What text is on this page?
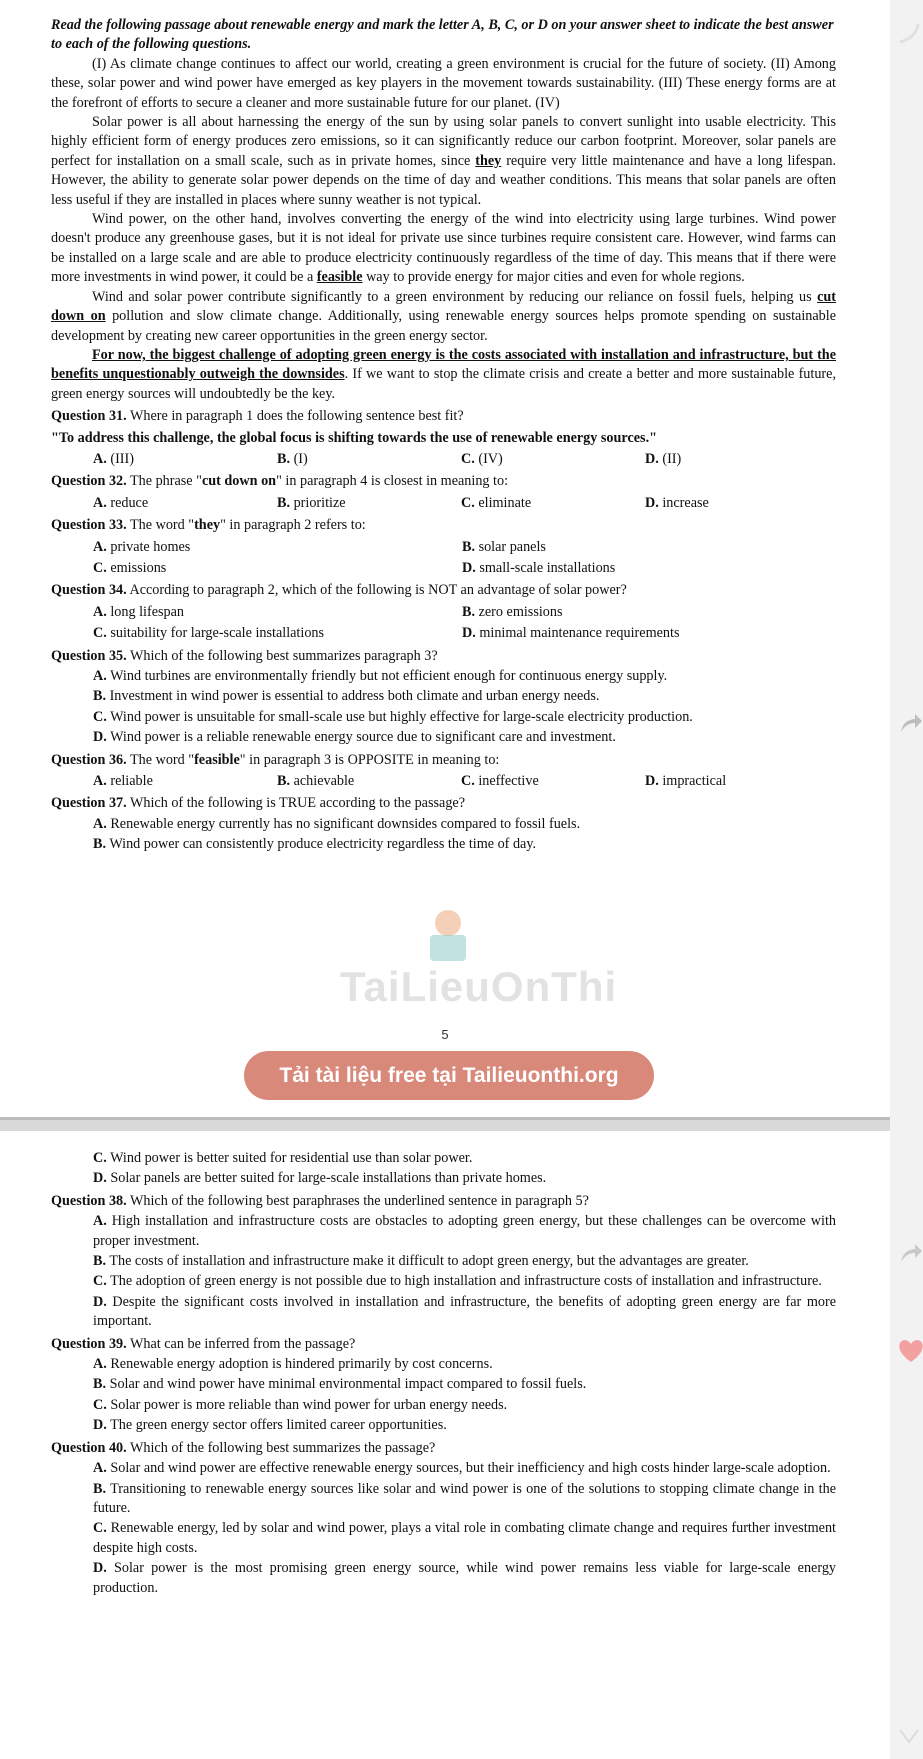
Read the following passage about renewable energy and mark the letter A, B, C, or D on your answer sheet to indicate the best answer to each of the following questions.

(I) As climate change continues to affect our world, creating a green environment is crucial for the future of society. (II) Among these, solar power and wind power have emerged as key players in the movement towards sustainability. (III) These energy forms are at the forefront of efforts to secure a cleaner and more sustainable future for our planet. (IV)

Solar power is all about harnessing the energy of the sun by using solar panels to convert sunlight into usable electricity. This highly efficient form of energy produces zero emissions, so it can significantly reduce our carbon footprint. Moreover, solar panels are perfect for installation on a small scale, such as in private homes, since they require very little maintenance and have a long lifespan. However, the ability to generate solar power depends on the time of day and weather conditions. This means that solar panels are often less useful if they are installed in places where sunny weather is not typical.

Wind power, on the other hand, involves converting the energy of the wind into electricity using large turbines. Wind power doesn't produce any greenhouse gases, but it is not ideal for private use since turbines require consistent care. However, wind farms can be installed on a large scale and are able to produce electricity continuously regardless of the time of day. This means that if there were more investments in wind power, it could be a feasible way to provide energy for major cities and even for whole regions.

Wind and solar power contribute significantly to a green environment by reducing our reliance on fossil fuels, helping us cut down on pollution and slow climate change. Additionally, using renewable energy sources helps promote spending on sustainable development by creating new career opportunities in the green energy sector.

For now, the biggest challenge of adopting green energy is the costs associated with installation and infrastructure, but the benefits unquestionably outweigh the downsides. If we want to stop the climate crisis and create a better and more sustainable future, green energy sources will undoubtedly be the key.

Question 31. Where in paragraph 1 does the following sentence best fit?

"To address this challenge, the global focus is shifting towards the use of renewable energy sources."

A. (III)	B. (I)	C. (IV)	D. (II)

Question 32. The phrase "cut down on" in paragraph 4 is closest in meaning to:

A. reduce	B. prioritize	C. eliminate	D. increase

Question 33. The word "they" in paragraph 2 refers to:

A. private homes	B. solar panels
C. emissions	D. small-scale installations

Question 34. According to paragraph 2, which of the following is NOT an advantage of solar power?

A. long lifespan	B. zero emissions
C. suitability for large-scale installations	D. minimal maintenance requirements

Question 35. Which of the following best summarizes paragraph 3?

A. Wind turbines are environmentally friendly but not efficient enough for continuous energy supply.

B. Investment in wind power is essential to address both climate and urban energy needs.

C. Wind power is unsuitable for small-scale use but highly effective for large-scale electricity production.

D. Wind power is a reliable renewable energy source due to significant care and investment.

Question 36. The word "feasible" in paragraph 3 is OPPOSITE in meaning to:

A. reliable	B. achievable	C. ineffective	D. impractical

Question 37. Which of the following is TRUE according to the passage?

A. Renewable energy currently has no significant downsides compared to fossil fuels.

B. Wind power can consistently produce electricity regardless the time of day.

TaiLieuOnThi
5
Tải tài liệu free tại Tailieuonthi.org

C. Wind power is better suited for residential use than solar power.

D. Solar panels are better suited for large-scale installations than private homes.

Question 38. Which of the following best paraphrases the underlined sentence in paragraph 5?

A. High installation and infrastructure costs are obstacles to adopting green energy, but these challenges can be overcome with proper investment.

B. The costs of installation and infrastructure make it difficult to adopt green energy, but the advantages are greater.

C. The adoption of green energy is not possible due to high installation and infrastructure costs of installation and infrastructure.

D. Despite the significant costs involved in installation and infrastructure, the benefits of adopting green energy are far more important.

Question 39. What can be inferred from the passage?

A. Renewable energy adoption is hindered primarily by cost concerns.

B. Solar and wind power have minimal environmental impact compared to fossil fuels.

C. Solar power is more reliable than wind power for urban energy needs.

D. The green energy sector offers limited career opportunities.

Question 40. Which of the following best summarizes the passage?

A. Solar and wind power are effective renewable energy sources, but their inefficiency and high costs hinder large-scale adoption.

B. Transitioning to renewable energy sources like solar and wind power is one of the solutions to stopping climate change in the future.

C. Renewable energy, led by solar and wind power, plays a vital role in combating climate change and requires further investment despite high costs.

D. Solar power is the most promising green energy source, while wind power remains less viable for large-scale energy production.
